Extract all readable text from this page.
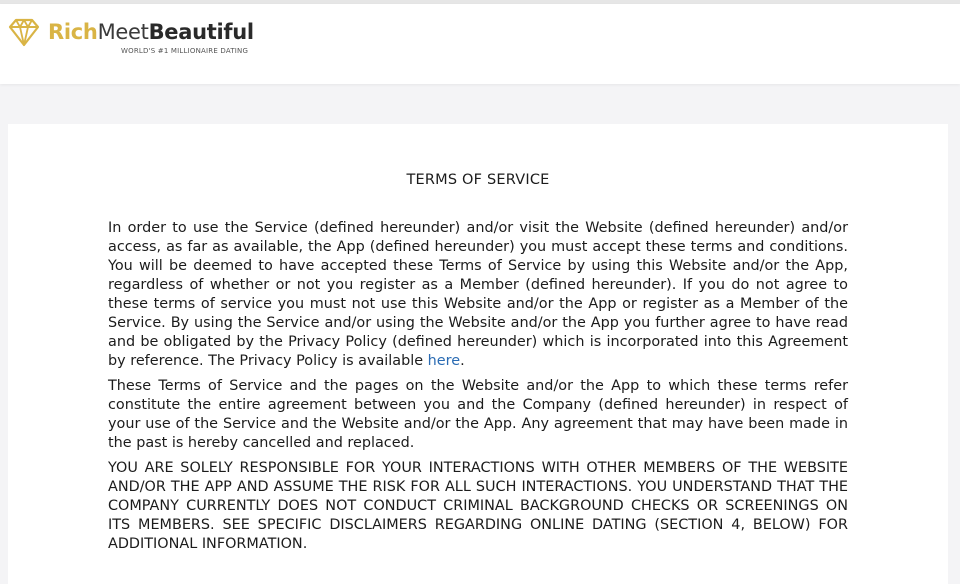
RichMeetBeautiful
WORLD'S #1 MILLIONAIRE DATING
TERMS OF SERVICE

In order to use the Service (defined hereunder) and/or visit the Website (defined hereunder) and/or access, as far as available, the App (defined hereunder) you must accept these terms and conditions. You will be deemed to have accepted these Terms of Service by using this Website and/or the App, regardless of whether or not you register as a Member (defined hereunder). If you do not agree to these terms of service you must not use this Website and/or the App or register as a Member of the Service. By using the Service and/or using the Website and/or the App you further agree to have read and be obligated by the Privacy Policy (defined hereunder) which is incorporated into this Agreement by reference. The Privacy Policy is available here.

These Terms of Service and the pages on the Website and/or the App to which these terms refer constitute the entire agreement between you and the Company (defined hereunder) in respect of your use of the Service and the Website and/or the App. Any agreement that may have been made in the past is hereby cancelled and replaced.

YOU ARE SOLELY RESPONSIBLE FOR YOUR INTERACTIONS WITH OTHER MEMBERS OF THE WEBSITE AND/OR THE APP AND ASSUME THE RISK FOR ALL SUCH INTERACTIONS. YOU UNDERSTAND THAT THE COMPANY CURRENTLY DOES NOT CONDUCT CRIMINAL BACKGROUND CHECKS OR SCREENINGS ON ITS MEMBERS. SEE SPECIFIC DISCLAIMERS REGARDING ONLINE DATING (SECTION 4, BELOW) FOR ADDITIONAL INFORMATION.
